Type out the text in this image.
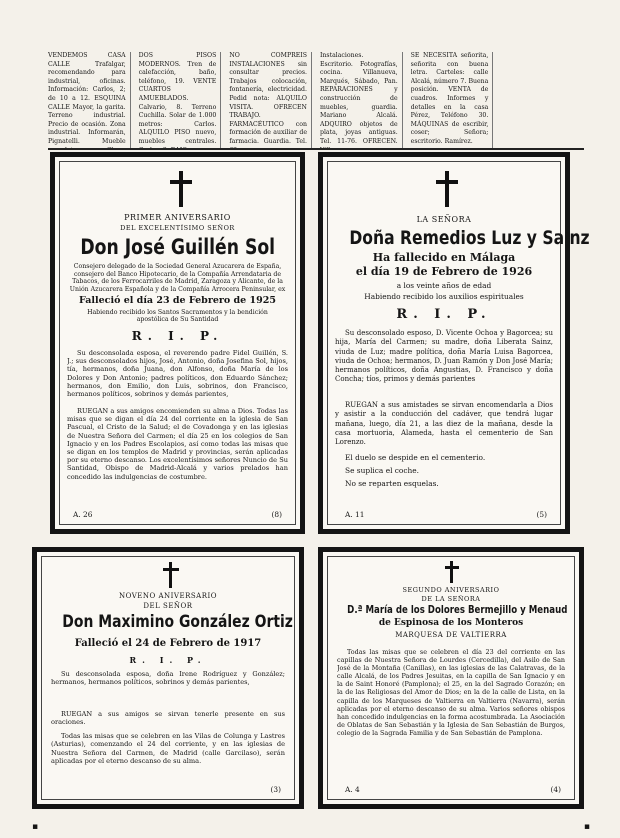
VENDEMOS CASA CALLE Trafalgar, recomendando para industrial, oficinas. Información: Carlos, 2; de 10 a 12. ESQUINA CALLE Mayor, la garita. Terreno industrial. Precio de ocasión. Zona industrial. Informarán, Pignatelli. Mueble
DOS PISOS MODERNOS. Tren de calefacción, baño, teléfono, 19. VENTE CUARTOS AMUEBLADOS. Calvario, 8. Terreno Cuchilla. Solar de 1.000 metros: Carlos. ALQUILO PISO nuevo, muebles centrales.
NO COMPREIS INSTALACIONES sin consultar precios. Trabajos colocación, fontanería, electricidad. Pedid nota: ALQUILO VISITA. OFRECEN TRABAJO. FARMACÉUTICO con formación de auxiliar de farmacia. Guardia. Tel.
Instalaciones. Escritorio. Fotografías, cocina. Villanueva, Marqués, Sábado, Pan. REPARACIONES y construcción de muebles, guardia. Mariano Alcalá. ADQUIRO objetos de plata, joyas antiguas. Tel. 11-76. OFRECEN.
SE NECESITA señorita, señorita con buena letra. Carteles: calle Alcalá, número 7. Buena posición. VENTA de cuadros. Informes y detalles en la casa Pérez, Teléfono 30. MÁQUINAS de escribir, coser; Señora; escritorio. Ramírez.
PRIMER ANIVERSARIO
DEL EXCELENTÍSIMO SEÑOR
Don José Guillén Sol
Consejero delegado de la Sociedad General Azucarera de España, consejero del Banco Hipotecario, de la Compañía Arrendataria de Tabacos, de los Ferrocarriles de Madrid, Zaragoza y Alicante, de la Unión Azucarera Española y de la Compañía Arrocera Peninsular, ex
Falleció el día 23 de Febrero de 1925
Habiendo recibido los Santos Sacramentos y la bendición apostólica de Su Santidad
R. I. P.
Su desconsolada esposa, el reverendo padre Fidel Guillén, S. J.; sus desconsolados hijos, José, Antonio, doña Josefina Sol, hijos, tía, hermanos, doña Juana, don Alfonso, doña María de los Dolores y Don Antonio; padres políticos, don Eduardo Sánchez; hermanos, don Emilio, don Luis, sobrinos, don Francisco, hermanos políticos, sobrinos y demás parientes,
RUEGAN a sus amigos encomienden su alma a Dios. Todas las misas que se digan el día 24 del corriente en la iglesia de San Pascual, el Cristo de la Salud; el de Covadonga y en las iglesias de Nuestra Señora del Carmen; el día 25 en los colegios de San Ignacio y en los Padres Escolapios, así como todas las misas que se digan en los templos de Madrid y provincias, serán aplicadas por su eterno descanso. Los excelentísimos señores Nuncio de Su Santidad, Obispo de Madrid-Alcalá y varios prelados han concedido las indulgencias de costumbre.
A. 26	(8)
LA SEÑORA
Doña Remedios Luz y Sainz
Ha fallecido en Málaga
el día 19 de Febrero de 1926
a los veinte años de edad
Habiendo recibido los auxilios espirituales
R. I. P.
Su desconsolado esposo, D. Vicente Ochoa y Bagorcea; su hija, María del Carmen; su madre, doña Liberata Sainz, viuda de Luz; madre política, doña María Luisa Bagorcea, viuda de Ochoa; hermanos, D. Juan Ramón y Don José María; hermanos políticos, doña Angustias, D. Francisco y doña Concha; tíos, primos y demás parientes
RUEGAN a sus amistades se sirvan encomendarla a Dios y asistir a la conducción del cadáver, que tendrá lugar mañana, luego, día 21, a las diez de la mañana, desde la casa mortuoria, Alameda, hasta el cementerio de San Lorenzo.
El duelo se despide en el cementerio.
Se suplica el coche.
No se reparten esquelas.
A. 11	(5)
NOVENO ANIVERSARIO
DEL SEÑOR
Don Maximino González Ortiz
Falleció el 24 de Febrero de 1917
R. I. P.
Su desconsolada esposa, doña Irene Rodríguez y González; hermanos, hermanos políticos, sobrinos y demás parientes,
RUEGAN a sus amigos se sirvan tenerle presente en sus oraciones.
Todas las misas que se celebren en las Vilas de Colunga y Lastres (Asturias), comenzando el 24 del corriente, y en las iglesias de Nuestra Señora del Carmen, de Madrid (calle Garcilaso), serán aplicadas por el eterno descanso de su alma.
(3)
SEGUNDO ANIVERSARIO
DE LA SEÑORA
D.ª María de los Dolores Bermejillo y Menaud
de Espinosa de los Monteros
MARQUESA DE VALTIERRA
Todas las misas que se celebren el día 23 del corriente en las capillas de Nuestra Señora de Lourdes (Cercedilla), del Asilo de San José de la Montaña (Canillas), en las iglesias de las Calatravas, de la calle Alcalá, de los Padres Jesuitas, en la capilla de San Ignacio y en la de Saint Honoré (Pamplona); el 25, en la del Sagrado Corazón; en la de las Religiosas del Amor de Dios; en la de la calle de Lista, en la capilla de los Marqueses de Valtierra en Valtierra (Navarra), serán aplicadas por el eterno descanso de su alma. Varios señores obispos han concedido indulgencias en la forma acostumbrada. La Asociación de Oblatas de San Sebastián y la Iglesia de San Sebastián de Burgos, colegio de la Sagrada Familia y de San Sebastián de Pamplona.
A. 4	(4)
▪	▪
